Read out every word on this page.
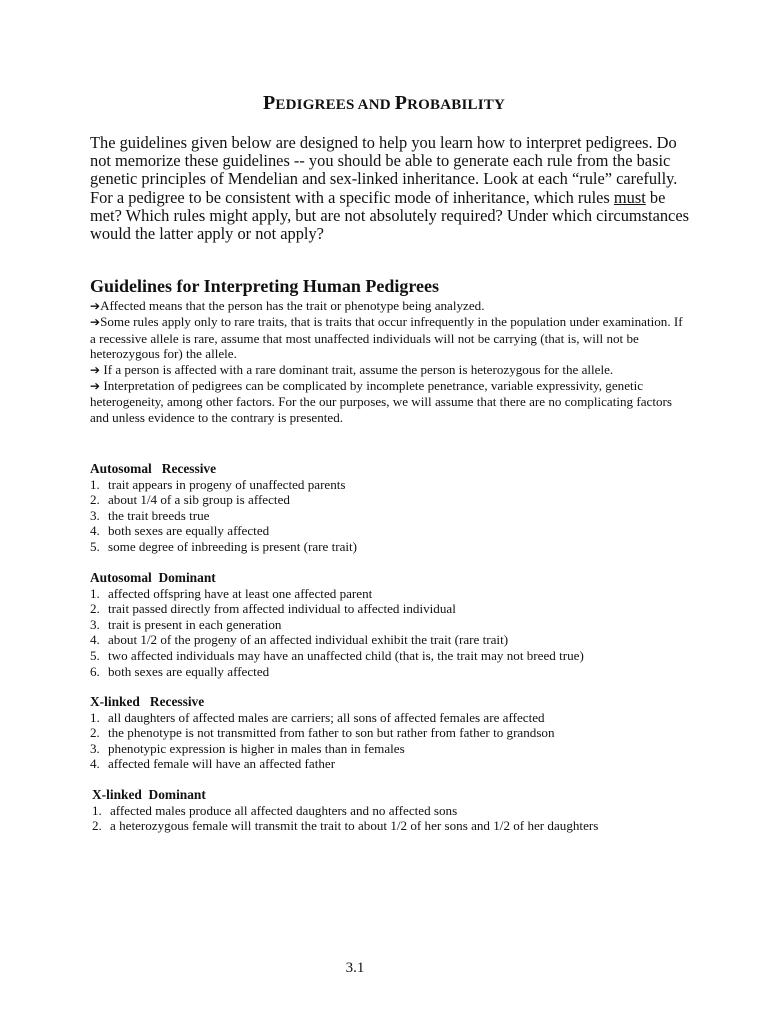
PEDIGREES AND PROBABILITY

The guidelines given below are designed to help you learn how to interpret pedigrees. Do not memorize these guidelines -- you should be able to generate each rule from the basic genetic principles of Mendelian and sex-linked inheritance. Look at each “rule” carefully. For a pedigree to be consistent with a specific mode of inheritance, which rules must be met? Which rules might apply, but are not absolutely required? Under which circumstances would the latter apply or not apply?

Guidelines for Interpreting Human Pedigrees

➔Affected means that the person has the trait or phenotype being analyzed.

➔Some rules apply only to rare traits, that is traits that occur infrequently in the population under examination. If a recessive allele is rare, assume that most unaffected individuals will not be carrying (that is, will not be heterozygous for) the allele.

➔ If a person is affected with a rare dominant trait, assume the person is heterozygous for the allele.

➔ Interpretation of pedigrees can be complicated by incomplete penetrance, variable expressivity, genetic heterogeneity, among other factors. For the our purposes, we will assume that there are no complicating factors and unless evidence to the contrary is presented.

Autosomal   Recessive
1. trait appears in progeny of unaffected parents
2. about 1/4 of a sib group is affected
3. the trait breeds true
4. both sexes are equally affected
5. some degree of inbreeding is present (rare trait)
Autosomal  Dominant
1. affected offspring have at least one affected parent
2. trait passed directly from affected individual to affected individual
3. trait is present in each generation
4. about 1/2 of the progeny of an affected individual exhibit the trait (rare trait)
5. two affected individuals may have an unaffected child (that is, the trait may not breed true)
6. both sexes are equally affected
X-linked   Recessive
1. all daughters of affected males are carriers; all sons of affected females are affected
2. the phenotype is not transmitted from father to son but rather from father to grandson
3. phenotypic expression is higher in males than in females
4. affected female will have an affected father
X-linked  Dominant
1. affected males produce all affected daughters and no affected sons
2. a heterozygous female will transmit the trait to about 1/2 of her sons and 1/2 of her daughters
3.1
